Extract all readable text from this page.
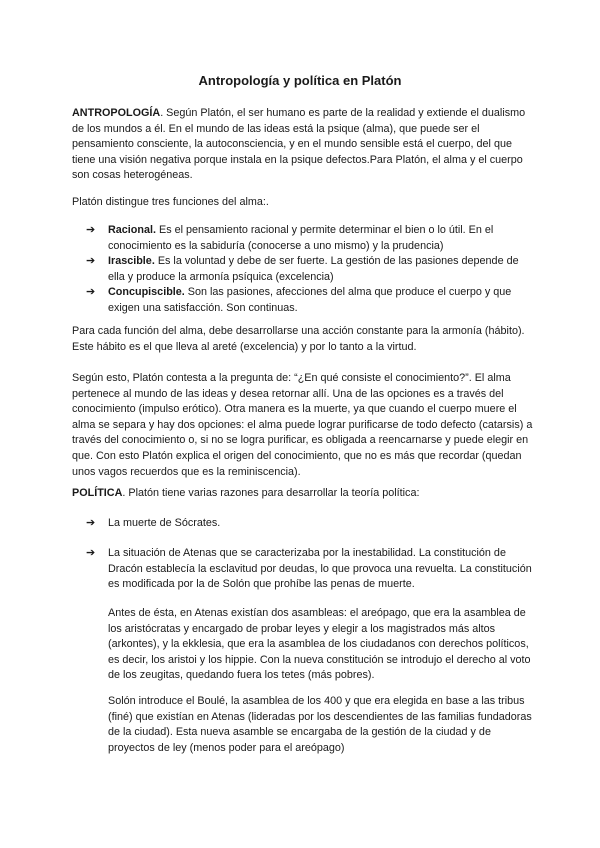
Antropología y política en Platón
ANTROPOLOGÍA. Según Platón, el ser humano es parte de la realidad y extiende el dualismo de los mundos a él. En el mundo de las ideas está la psique (alma), que puede ser el pensamiento consciente, la autoconsciencia, y en el mundo sensible está el cuerpo, del que tiene una visión negativa porque instala en la psique defectos.Para Platón, el alma y el cuerpo son cosas heterogéneas.
Platón distingue tres funciones del alma:.
➔ Racional. Es el pensamiento racional y permite determinar el bien o lo útil. En el conocimiento es la sabiduría (conocerse a uno mismo) y la prudencia)
➔ Irascible. Es la voluntad y debe de ser fuerte. La gestión de las pasiones depende de ella y produce la armonía psíquica (excelencia)
➔ Concupiscible. Son las pasiones, afecciones del alma que produce el cuerpo y que exigen una satisfacción. Son continuas.
Para cada función del alma, debe desarrollarse una acción constante para la armonía (hábito). Este hábito es el que lleva al areté (excelencia) y por lo tanto a la virtud.
Según esto, Platón contesta a la pregunta de: “¿En qué consiste el conocimiento?”. El alma pertenece al mundo de las ideas y desea retornar allí. Una de las opciones es a través del conocimiento (impulso erótico). Otra manera es la muerte, ya que cuando el cuerpo muere el alma se separa y hay dos opciones: el alma puede lograr purificarse de todo defecto (catarsis) a través del conocimiento o, si no se logra purificar, es obligada a reencarnarse y puede elegir en que. Con esto Platón explica el origen del conocimiento, que no es más que recordar (quedan unos vagos recuerdos que es la reminiscencia).
POLÍTICA. Platón tiene varias razones para desarrollar la teoría política:
➔ La muerte de Sócrates.
➔ La situación de Atenas que se caracterizaba por la inestabilidad. La constitución de Dracón establecía la esclavitud por deudas, lo que provoca una revuelta. La constitución es modificada por la de Solón que prohíbe las penas de muerte.
Antes de ésta, en Atenas existían dos asambleas: el areópago, que era la asamblea de los aristócratas y encargado de probar leyes y elegir a los magistrados más altos (arkontes), y la ekklesia, que era la asamblea de los ciudadanos con derechos políticos, es decir, los aristoi y los hippie. Con la nueva constitución se introdujo el derecho al voto de los zeugitas, quedando fuera los tetes (más pobres).
Solón introduce el Boulé, la asamblea de los 400 y que era elegida en base a las tribus (finé) que existían en Atenas (lideradas por los descendientes de las familias fundadoras de la ciudad). Esta nueva asamble se encargaba de la gestión de la ciudad y de proyectos de ley (menos poder para el areópago)
